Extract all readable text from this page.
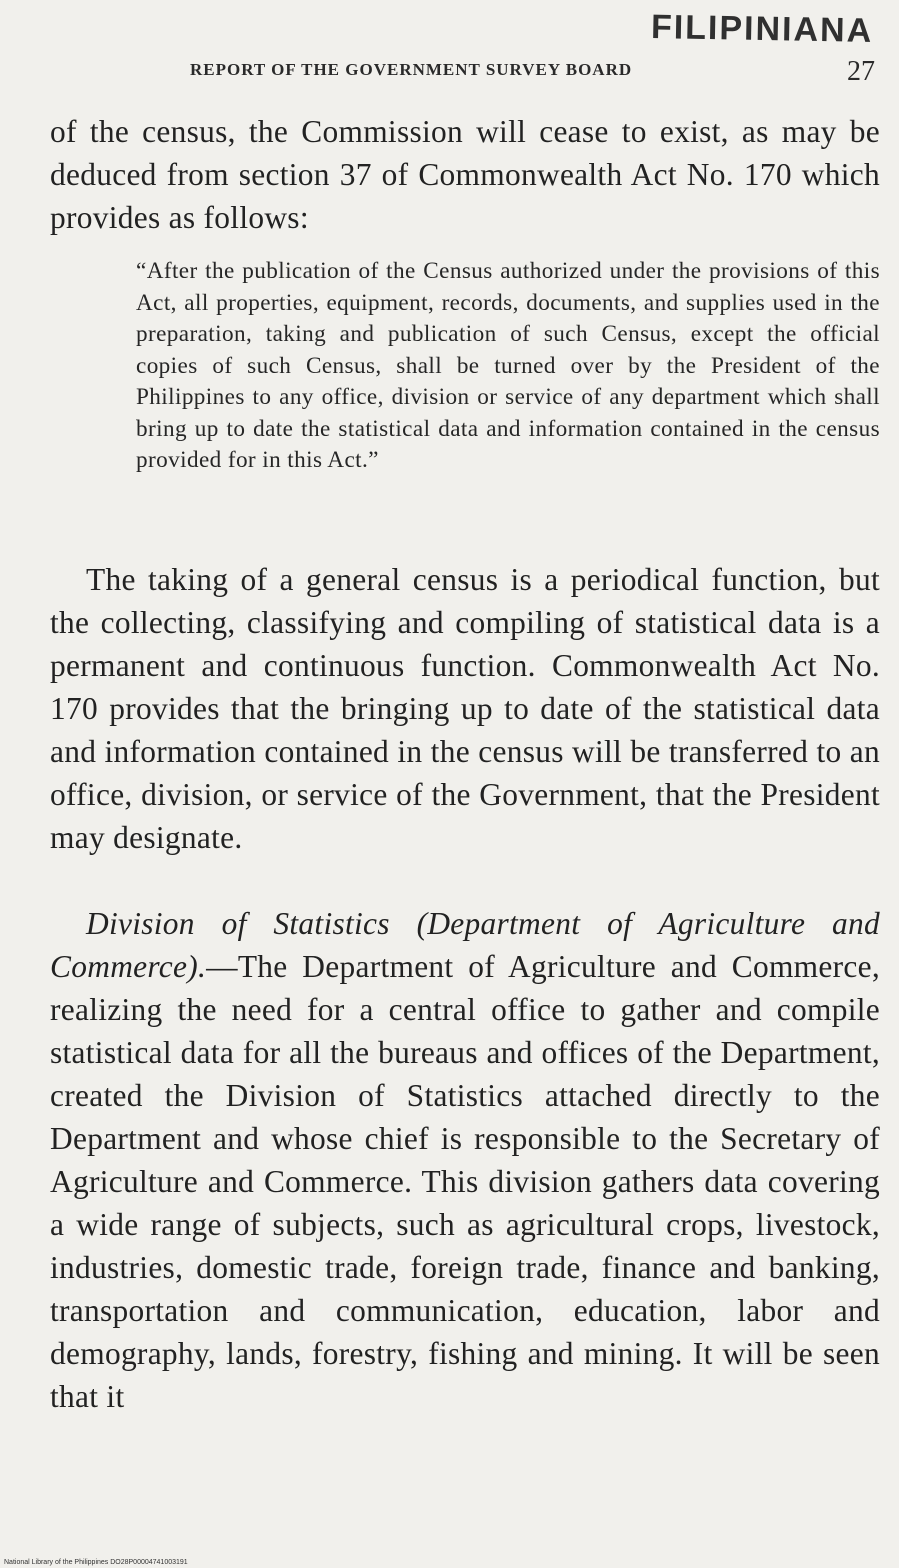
FILIPINIANA
REPORT OF THE GOVERNMENT SURVEY BOARD	27
of the census, the Commission will cease to exist, as may be deduced from section 37 of Commonwealth Act No. 170 which provides as follows:
“After the publication of the Census authorized under the provisions of this Act, all properties, equipment, records, documents, and supplies used in the preparation, taking and publication of such Census, except the official copies of such Census, shall be turned over by the President of the Philippines to any office, division or service of any department which shall bring up to date the statistical data and information contained in the census provided for in this Act.”
The taking of a general census is a periodical function, but the collecting, classifying and compiling of statistical data is a permanent and continuous function. Commonwealth Act No. 170 provides that the bringing up to date of the statistical data and information contained in the census will be transferred to an office, division, or service of the Government, that the President may designate.
Division of Statistics (Department of Agriculture and Commerce).—The Department of Agriculture and Commerce, realizing the need for a central office to gather and compile statistical data for all the bureaus and offices of the Department, created the Division of Statistics attached directly to the Department and whose chief is responsible to the Secretary of Agriculture and Commerce. This division gathers data covering a wide range of subjects, such as agricultural crops, livestock, industries, domestic trade, foreign trade, finance and banking, transportation and communication, education, labor and demography, lands, forestry, fishing and mining. It will be seen that it
National Library of the Philippines DO28P00004741003191
